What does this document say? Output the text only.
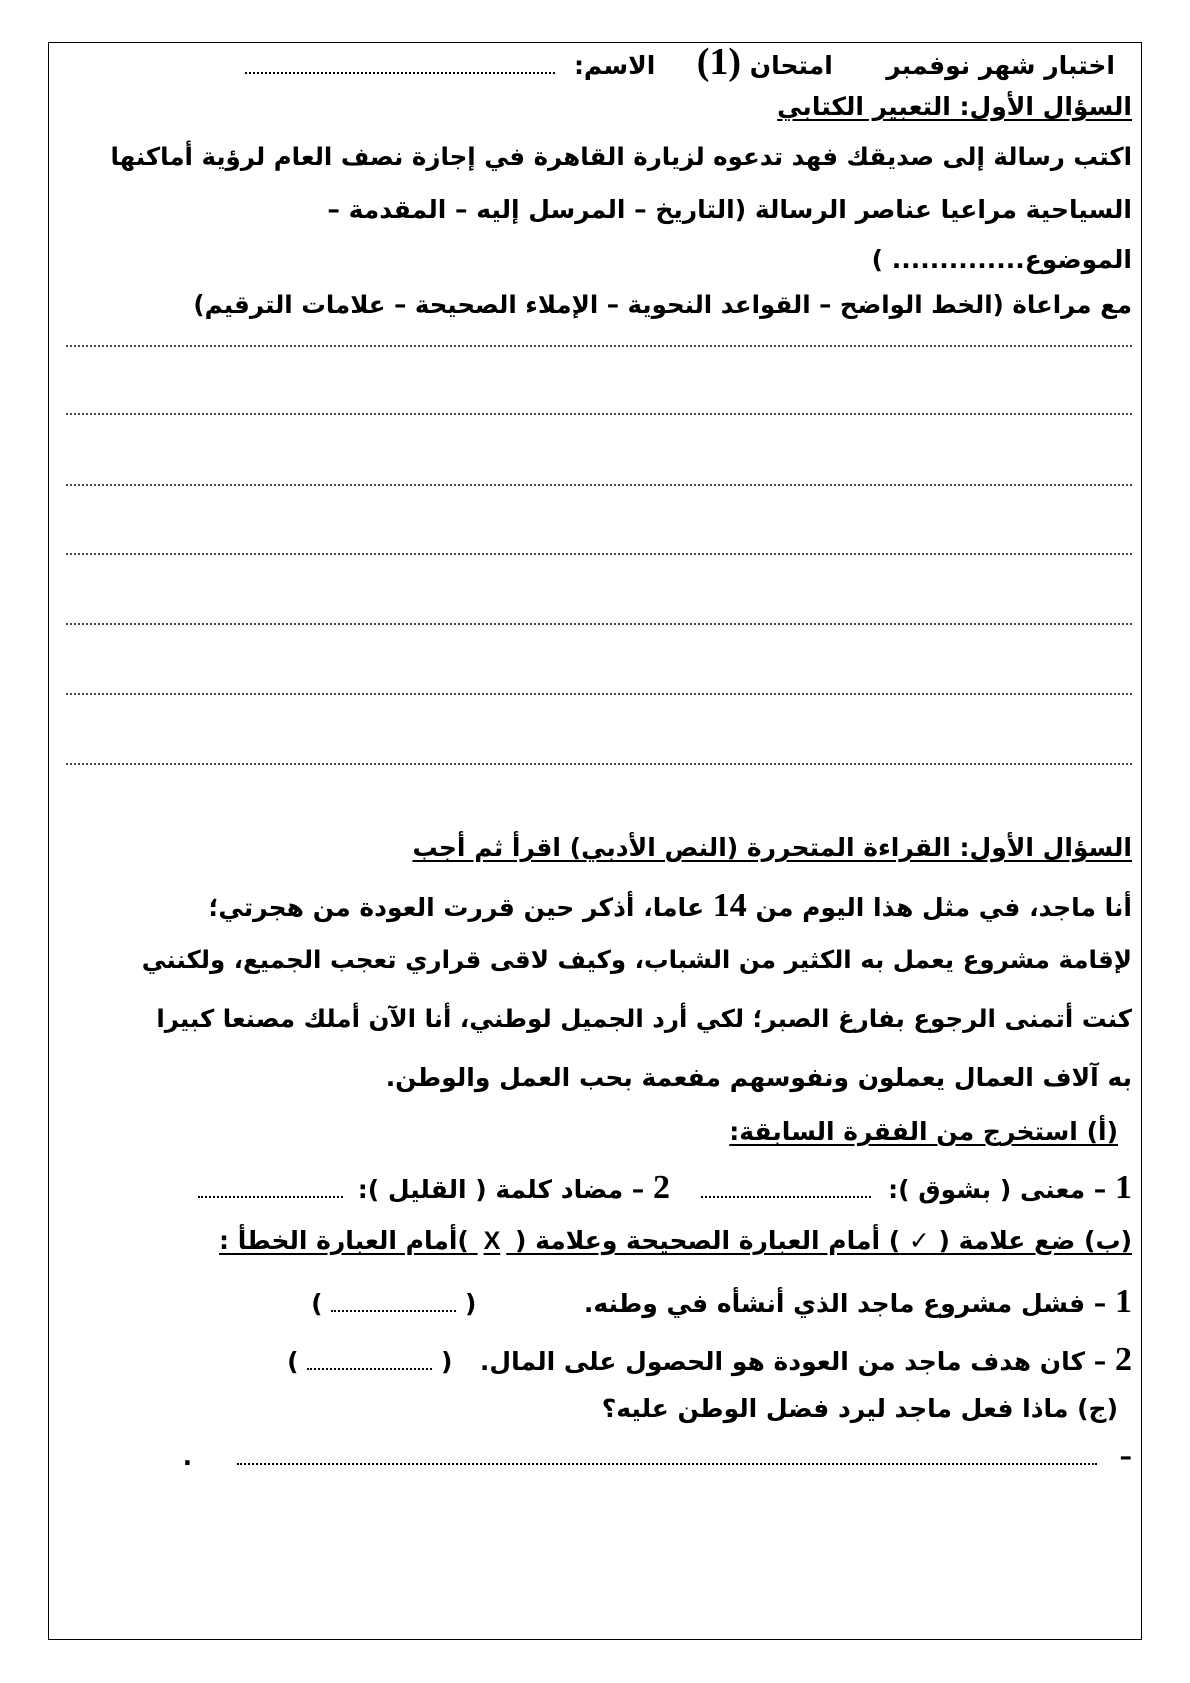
اختبار شهر نوفمبر  امتحان (1)  الاسم:
السؤال الأول: التعبير الكتابي
اكتب رسالة إلى صديقك فهد تدعوه لزيارة القاهرة في إجازة نصف العام لرؤية أماكنها
السياحية مراعيا عناصر الرسالة (التاريخ – المرسل إليه – المقدمة –
الموضوع.............. )
مع مراعاة (الخط الواضح – القواعد النحوية – الإملاء الصحيحة – علامات الترقيم)
السؤال الأول: القراءة المتحررة (النص الأدبي) اقرأ ثم أجب
أنا ماجد، في مثل هذا اليوم من 14 عاما، أذكر حين قررت العودة من هجرتي؛
لإقامة مشروع يعمل به الكثير من الشباب، وكيف لاقى قراري تعجب الجميع، ولكنني
كنت أتمنى الرجوع بفارغ الصبر؛ لكي أرد الجميل لوطني، أنا الآن أملك مصنعا كبيرا
به آلاف العمال يعملون ونفوسهم مفعمة بحب العمل والوطن.
(أ) استخرج من الفقرة السابقة:
1 – معنى ( بشوق ):   2 – مضاد كلمة ( القليل ):
(ب) ضع علامة ( ✓ ) أمام العبارة الصحيحة وعلامة ( X )أمام العبارة الخطأ :
1 – فشل مشروع ماجد الذي أنشأه في وطنه.  (  )
2 – كان هدف ماجد من العودة هو الحصول على المال.  (  )
(ج) ماذا فعل ماجد ليرد فضل الوطن عليه؟
–  .
